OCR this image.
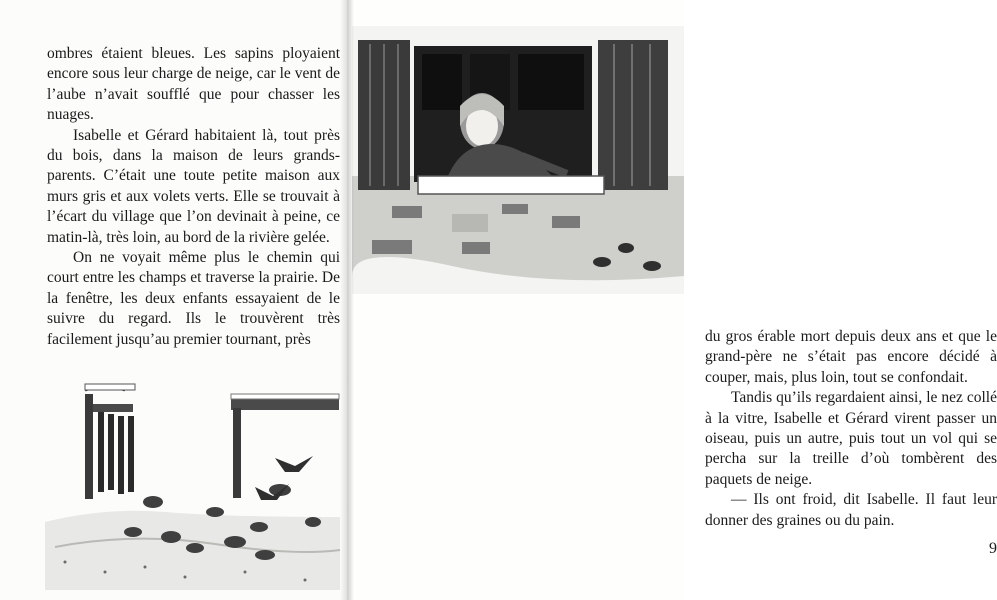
ombres étaient bleues. Les sapins ployaient encore sous leur charge de neige, car le vent de l’aube n’avait soufflé que pour chasser les nuages.

Isabelle et Gérard habitaient là, tout près du bois, dans la maison de leurs grands-parents. C’était une toute petite maison aux murs gris et aux volets verts. Elle se trouvait à l’écart du village que l’on devinait à peine, ce matin-là, très loin, au bord de la rivière gelée.

On ne voyait même plus le chemin qui court entre les champs et traverse la prairie. De la fenêtre, les deux enfants essayaient de le suivre du regard. Ils le trouvèrent très facilement jusqu’au premier tournant, près	du gros érable mort depuis deux ans et que le grand-père ne s’était pas encore décidé à couper, mais, plus loin, tout se confondait.

Tandis qu’ils regardaient ainsi, le nez collé à la vitre, Isabelle et Gérard virent passer un oiseau, puis un autre, puis tout un vol qui se percha sur la treille d’où tombèrent des paquets de neige.

— Ils ont froid, dit Isabelle. Il faut leur donner des graines ou du pain.

9
